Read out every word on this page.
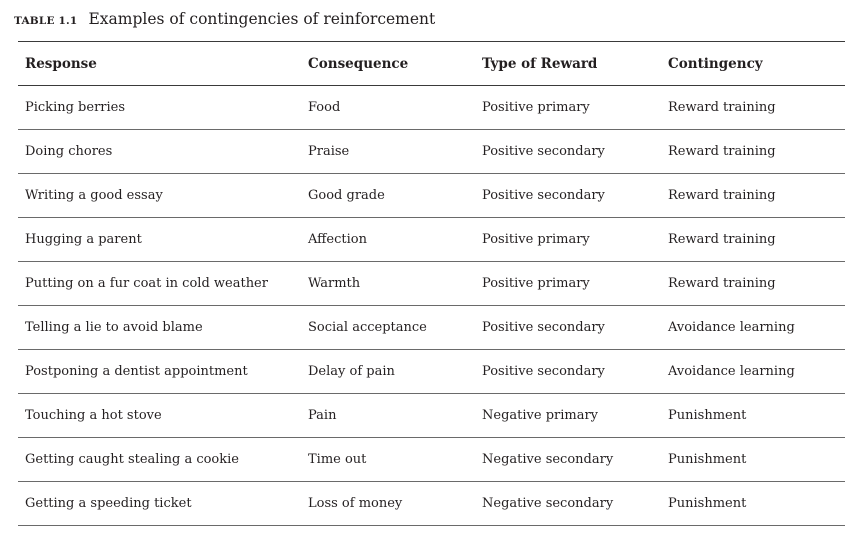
TABLE 1.1 Examples of contingencies of reinforcement
Response	Consequence	Type of Reward	Contingency
Picking berries	Food	Positive primary	Reward training
Doing chores	Praise	Positive secondary	Reward training
Writing a good essay	Good grade	Positive secondary	Reward training
Hugging a parent	Affection	Positive primary	Reward training
Putting on a fur coat in cold weather	Warmth	Positive primary	Reward training
Telling a lie to avoid blame	Social acceptance	Positive secondary	Avoidance learning
Postponing a dentist appointment	Delay of pain	Positive secondary	Avoidance learning
Touching a hot stove	Pain	Negative primary	Punishment
Getting caught stealing a cookie	Time out	Negative secondary	Punishment
Getting a speeding ticket	Loss of money	Negative secondary	Punishment
